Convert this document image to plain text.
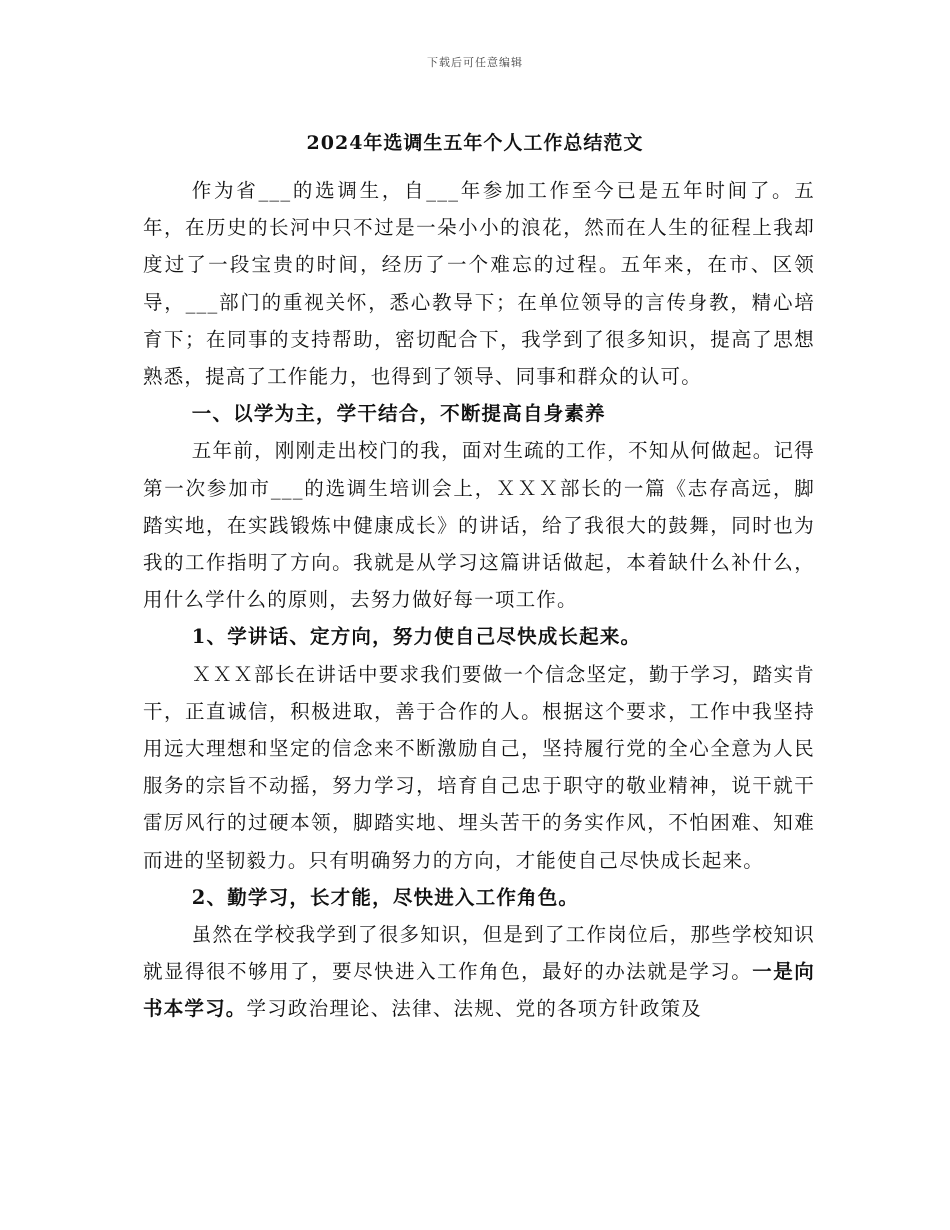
下载后可任意编辑
2024年选调生五年个人工作总结范文

作为省___的选调生，自___年参加工作至今已是五年时间了。五年，在历史的长河中只不过是一朵小小的浪花，然而在人生的征程上我却度过了一段宝贵的时间，经历了一个难忘的过程。五年来，在市、区领导，___部门的重视关怀，悉心教导下；在单位领导的言传身教，精心培育下；在同事的支持帮助，密切配合下，我学到了很多知识，提高了思想熟悉，提高了工作能力，也得到了领导、同事和群众的认可。

一、以学为主，学干结合，不断提高自身素养

五年前，刚刚走出校门的我，面对生疏的工作，不知从何做起。记得第一次参加市___的选调生培训会上，ＸＸＸ部长的一篇《志存高远，脚踏实地，在实践锻炼中健康成长》的讲话，给了我很大的鼓舞，同时也为我的工作指明了方向。我就是从学习这篇讲话做起，本着缺什么补什么，用什么学什么的原则，去努力做好每一项工作。

1、学讲话、定方向，努力使自己尽快成长起来。

ＸＸＸ部长在讲话中要求我们要做一个信念坚定，勤于学习，踏实肯干，正直诚信，积极进取，善于合作的人。根据这个要求，工作中我坚持用远大理想和坚定的信念来不断激励自己，坚持履行党的全心全意为人民服务的宗旨不动摇，努力学习，培育自己忠于职守的敬业精神，说干就干雷厉风行的过硬本领，脚踏实地、埋头苦干的务实作风，不怕困难、知难而进的坚韧毅力。只有明确努力的方向，才能使自己尽快成长起来。

2、勤学习，长才能，尽快进入工作角色。

虽然在学校我学到了很多知识，但是到了工作岗位后，那些学校知识就显得很不够用了，要尽快进入工作角色，最好的办法就是学习。一是向书本学习。学习政治理论、法律、法规、党的各项方针政策及
